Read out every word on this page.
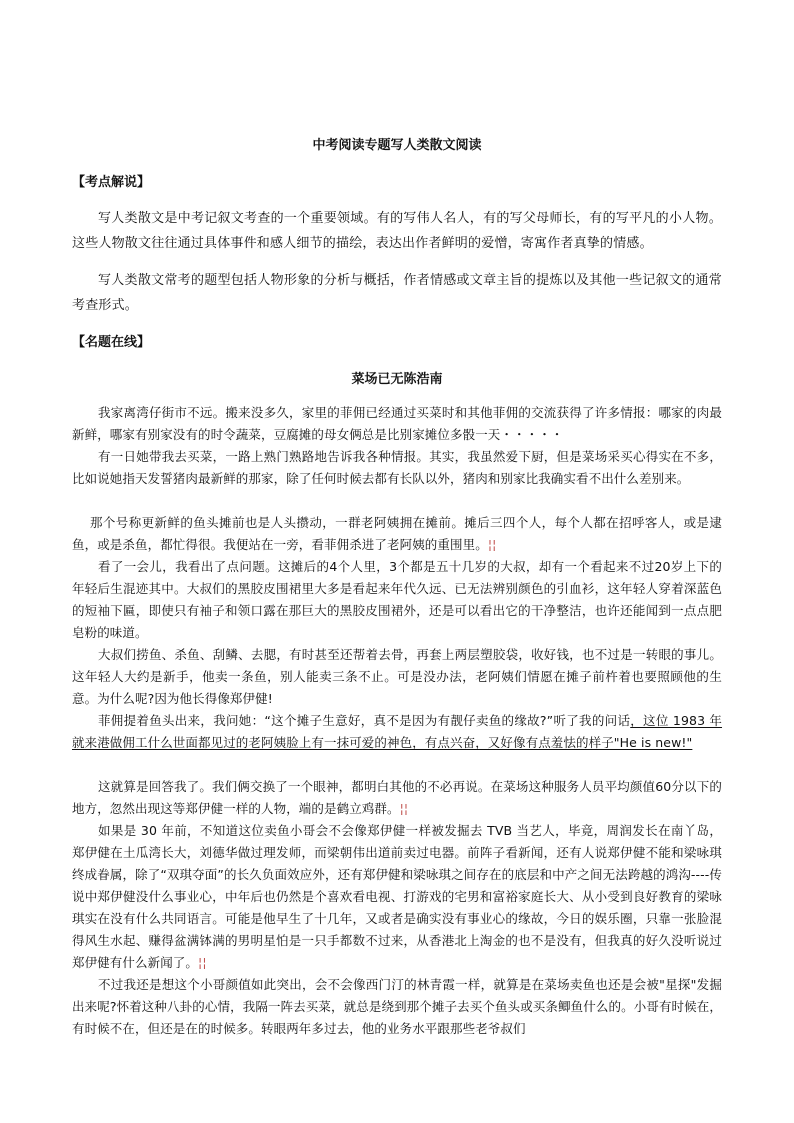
中考阅读专题写人类散文阅读
【考点解说】

写人类散文是中考记叙文考查的一个重要领域。有的写伟人名人，有的写父母师长，有的写平凡的小人物。这些人物散文往往通过具体事件和感人细节的描绘，表达出作者鲜明的爱憎，寄寓作者真挚的情感。

写人类散文常考的题型包括人物形象的分析与概括，作者情感或文章主旨的提炼以及其他一些记叙文的通常考查形式。

【名题在线】
菜场已无陈浩南

我家离湾仔街市不远。搬来没多久，家里的菲佣已经通过买菜时和其他菲佣的交流获得了许多情报：哪家的肉最新鲜，哪家有别家没有的时令蔬菜，豆腐摊的母女俩总是比别家摊位多骰一天・・・・・

有一日她带我去买菜，一路上熟门熟路地告诉我各种情报。其实，我虽然爱下厨，但是菜场采买心得实在不多，比如说她指天发誓猪肉最新鲜的那家，除了任何时候去都有长队以外，猪肉和别家比我确实看不出什么差别来。

那个号称更新鲜的鱼头摊前也是人头攒动，一群老阿姨拥在摊前。摊后三四个人，每个人都在招呼客人，或是逮鱼，或是杀鱼，都忙得很。我便站在一旁，看菲佣杀进了老阿姨的重围里。¦¦

看了一会儿，我看出了点问题。这摊后的4个人里，3个都是五十几岁的大叔，却有一个看起来不过20岁上下的年轻后生混迹其中。大叔们的黑胶皮围裙里大多是看起来年代久远、已无法辨别颜色的引血衫，这年轻人穿着深蓝色的短袖下匾，即使只有袖子和领口露在那巨大的黑胶皮围裙外，还是可以看出它的干净整洁，也许还能闻到一点点肥皂粉的味道。

大叔们捞鱼、杀鱼、刮鳞、去腮，有时甚至还帮着去骨，再套上两层塑胶袋，收好钱，也不过是一转眼的事儿。这年轻人大约是新手，他卖一条鱼，别人能卖三条不止。可是没办法，老阿姨们情愿在摊子前杵着也要照顾他的生意。为什么呢?因为他长得像郑伊健!

菲佣提着鱼头出来，我问她：“这个摊子生意好，真不是因为有靓仔卖鱼的缘故?”听了我的问话，这位 1983 年就来港做佣工什么世面都见过的老阿姨脸上有一抹可爱的神色，有点兴奋，又好像有点羞怯的样子"He is new!"

这就算是回答我了。我们俩交换了一个眼神，都明白其他的不必再说。在菜场这种服务人员平均颜值60分以下的地方，忽然出现这等郑伊健一样的人物，端的是鹤立鸡群。¦¦

如果是 30 年前，不知道这位卖鱼小哥会不会像郑伊健一样被发掘去 TVB 当艺人，毕竟，周润发长在南丫岛，郑伊健在土瓜湾长大，刘德华做过理发师，而梁朝伟出道前卖过电器。前阵子看新闻，还有人说郑伊健不能和梁咏琪终成眷属，除了“双琪夺面”的长久负面效应外，还有郑伊健和梁咏琪之间存在的底层和中产之间无法跨越的鸿沟----传说中郑伊健没什么事业心，中年后也仍然是个喜欢看电视、打游戏的宅男和富裕家庭长大、从小受到良好教育的梁咏琪实在没有什么共同语言。可能是他早生了十几年，又或者是确实没有事业心的缘故，今日的娱乐圈，只靠一张脸混得风生水起、赚得盆满钵满的男明星怕是一只手都数不过来，从香港北上淘金的也不是没有，但我真的好久没听说过郑伊健有什么新闻了。¦¦

不过我还是想这个小哥颜值如此突出，会不会像西门汀的林青霞一样，就算是在菜场卖鱼也还是会被"星探"发掘出来呢?怀着这种八卦的心情，我隔一阵去买菜，就总是绕到那个摊子去买个鱼头或买条鲫鱼什么的。小哥有时候在，有时候不在，但还是在的时候多。转眼两年多过去，他的业务水平跟那些老爷叔们
